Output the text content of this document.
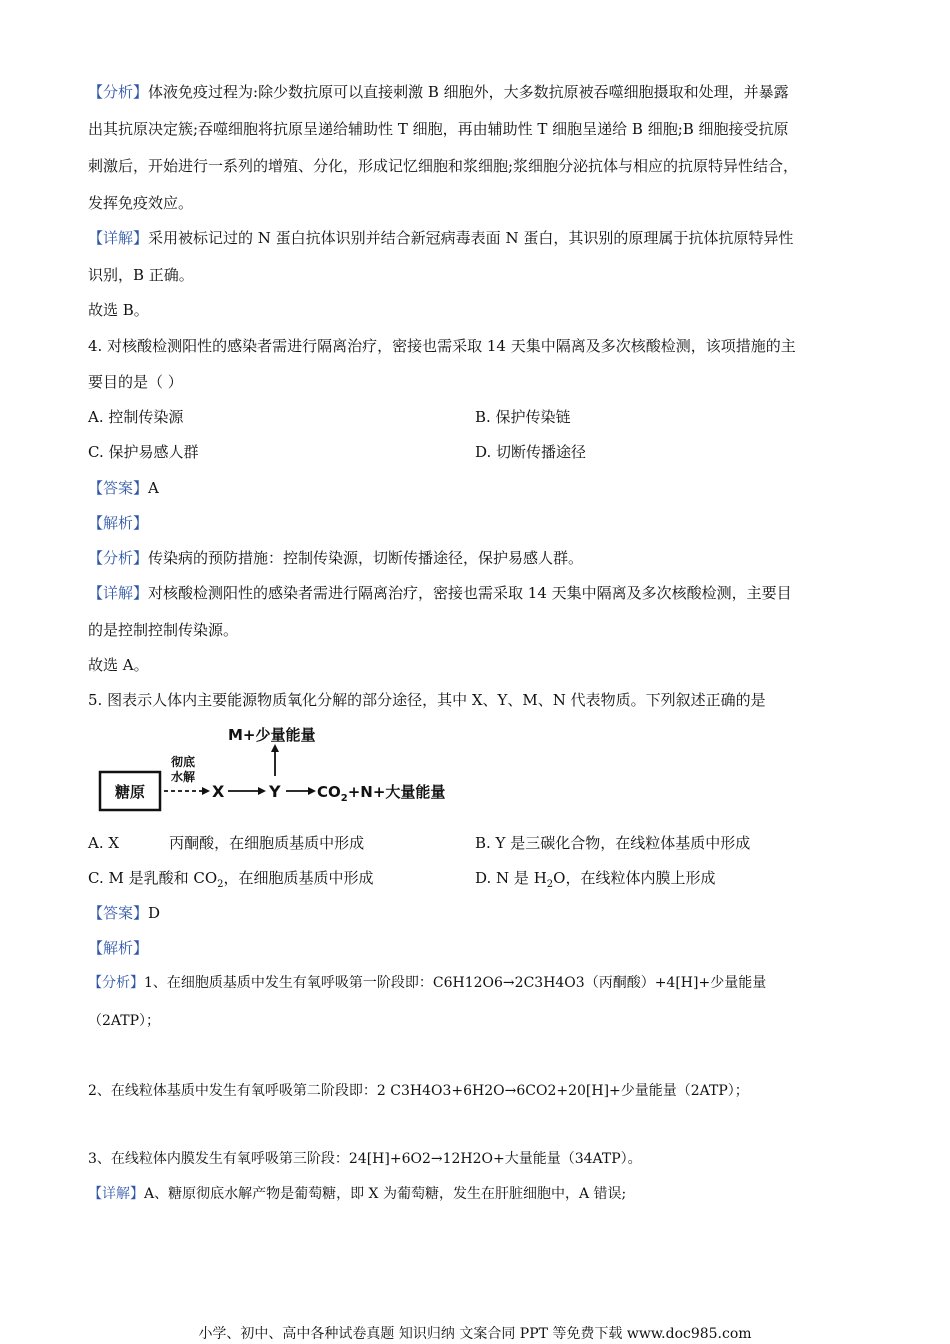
【分析】体液免疫过程为:除少数抗原可以直接刺激 B 细胞外，大多数抗原被吞噬细胞摄取和处理，并暴露
出其抗原决定簇;吞噬细胞将抗原呈递给辅助性 T 细胞，再由辅助性 T 细胞呈递给 B 细胞;B 细胞接受抗原
刺激后，开始进行一系列的增殖、分化，形成记忆细胞和浆细胞;浆细胞分泌抗体与相应的抗原特异性结合，
发挥免疫效应。
【详解】采用被标记过的 N 蛋白抗体识别并结合新冠病毒表面 N 蛋白，其识别的原理属于抗体抗原特异性
识别，B 正确。
故选 B。
4. 对核酸检测阳性的感染者需进行隔离治疗，密接也需采取 14 天集中隔离及多次核酸检测，该项措施的主
要目的是（ ）
A. 控制传染源	B. 保护传染链
C. 保护易感人群	D. 切断传播途径
【答案】A
【解析】
【分析】传染病的预防措施：控制传染源，切断传播途径，保护易感人群。
【详解】对核酸检测阳性的感染者需进行隔离治疗，密接也需采取 14 天集中隔离及多次核酸检测，主要目
的是控制控制传染源。
故选 A。
5. 图表示人体内主要能源物质氧化分解的部分途径，其中 X、Y、M、N 代表物质。下列叙述正确的是
糖原
彻底
水解
X	Y
M+少量能量
$CO_2+N+$大量能量
A. X	丙酮酸，在细胞质基质中形成	B. Y 是三碳化合物，在线粒体基质中形成
C. M 是乳酸和 $CO_2$，在细胞质基质中形成	D. N 是 $H_2O$，在线粒体内膜上形成
【答案】D
【解析】
【分析】1、在细胞质基质中发生有氧呼吸第一阶段即：C6H12O6→2C3H4O3（丙酮酸）+4[H]+少量能量
（2ATP）；
2、在线粒体基质中发生有氧呼吸第二阶段即：2 C3H4O3+6H2O→6CO2+20[H]+少量能量（2ATP）；
3、在线粒体内膜发生有氧呼吸第三阶段：24[H]+6O2→12H2O+大量能量（34ATP）。
【详解】A、糖原彻底水解产物是葡萄糖，即 X 为葡萄糖，发生在肝脏细胞中，A 错误;
小学、初中、高中各种试卷真题 知识归纳 文案合同 PPT 等免费下载 www.doc985.com
